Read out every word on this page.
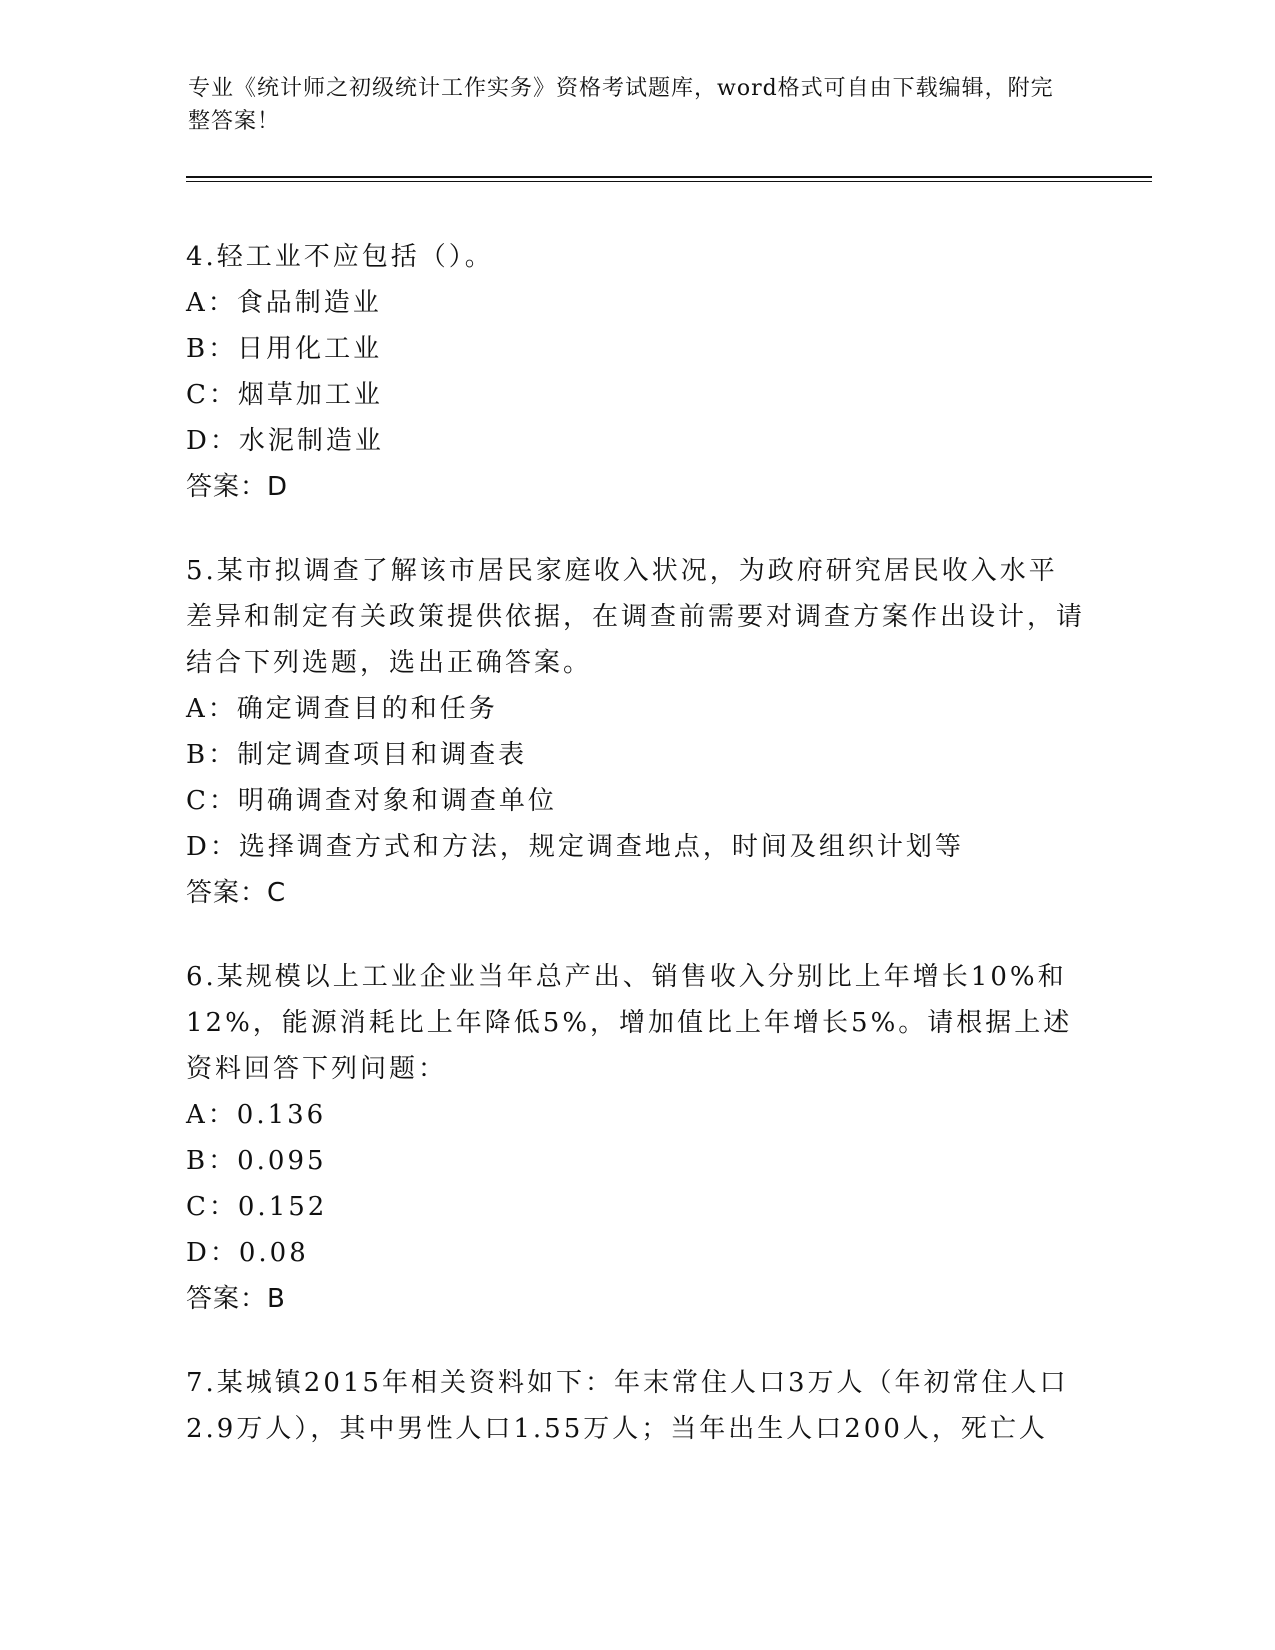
专业《统计师之初级统计工作实务》资格考试题库，word格式可自由下载编辑，附完整答案！
4.轻工业不应包括（）。
A：食品制造业
B：日用化工业
C：烟草加工业
D：水泥制造业
答案：D
5.某市拟调查了解该市居民家庭收入状况，为政府研究居民收入水平差异和制定有关政策提供依据，在调查前需要对调查方案作出设计，请结合下列选题，选出正确答案。
A：确定调查目的和任务
B：制定调查项目和调查表
C：明确调查对象和调查单位
D：选择调查方式和方法，规定调查地点，时间及组织计划等
答案：C
6.某规模以上工业企业当年总产出、销售收入分别比上年增长10%和12%，能源消耗比上年降低5%，增加值比上年增长5%。请根据上述资料回答下列问题：
A：0.136
B：0.095
C：0.152
D：0.08
答案：B
7.某城镇2015年相关资料如下：年末常住人口3万人（年初常住人口2.9万人），其中男性人口1.55万人；当年出生人口200人，死亡人
